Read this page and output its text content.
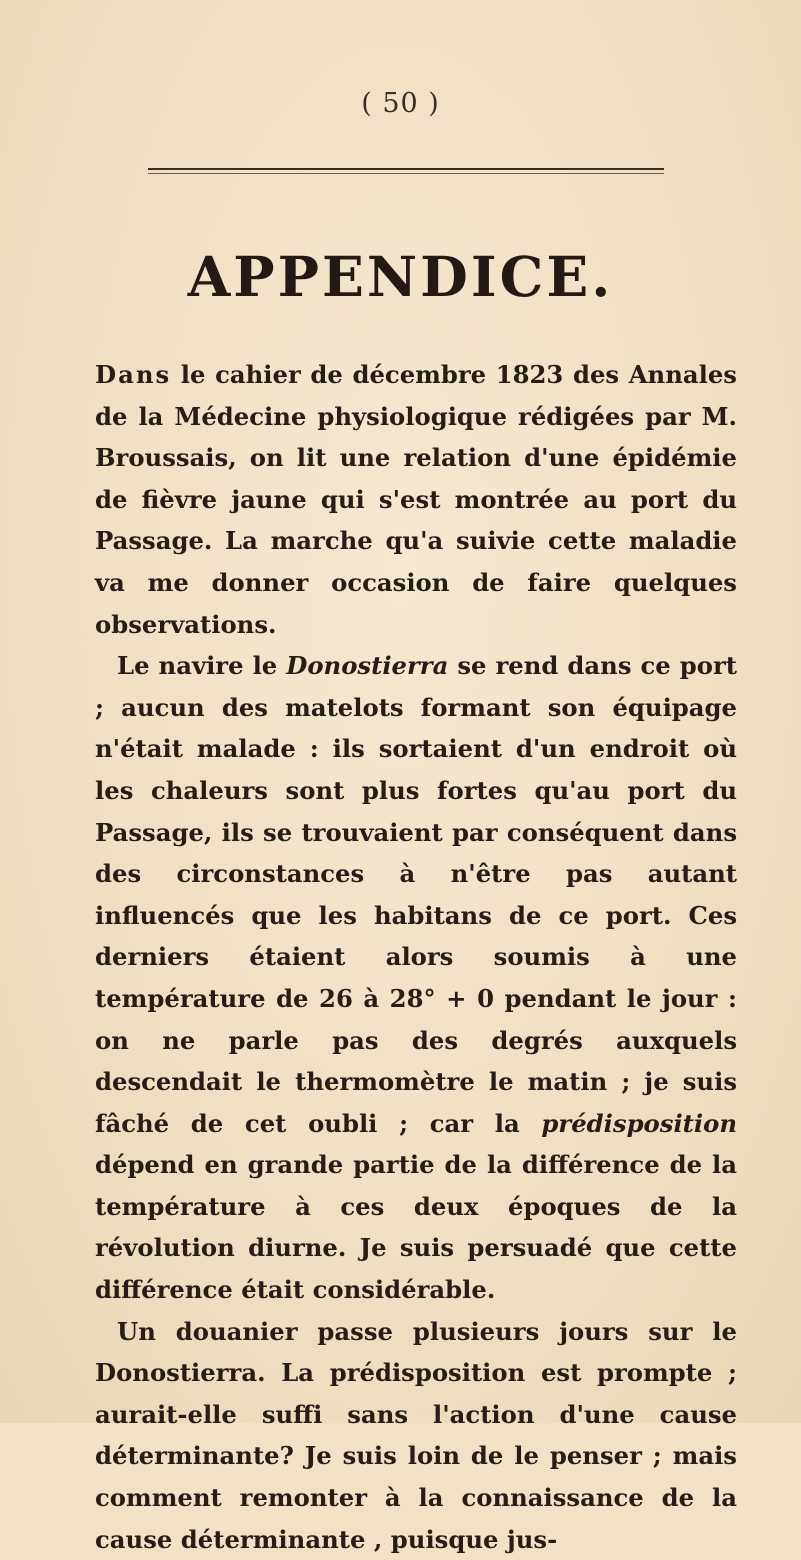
( 50 )
APPENDICE.

Dans le cahier de décembre 1823 des Annales de la Médecine physiologique rédigées par M. Broussais, on lit une relation d'une épidémie de fièvre jaune qui s'est montrée au port du Passage. La marche qu'a suivie cette maladie va me donner occasion de faire quelques observations.

Le navire le Donostierra se rend dans ce port ; aucun des matelots formant son équipage n'était malade : ils sortaient d'un endroit où les chaleurs sont plus fortes qu'au port du Passage, ils se trouvaient par conséquent dans des circonstances à n'être pas autant influencés que les habitans de ce port. Ces derniers étaient alors soumis à une température de 26 à 28° + 0 pendant le jour : on ne parle pas des degrés auxquels descendait le thermomètre le matin ; je suis fâché de cet oubli ; car la prédisposition dépend en grande partie de la différence de la température à ces deux époques de la révolution diurne. Je suis persuadé que cette différence était considérable.

Un douanier passe plusieurs jours sur le Donostierra. La prédisposition est prompte ; aurait-elle suffi sans l'action d'une cause déterminante? Je suis loin de le penser ; mais comment remonter à la connaissance de la cause déterminante , puisque jus-
